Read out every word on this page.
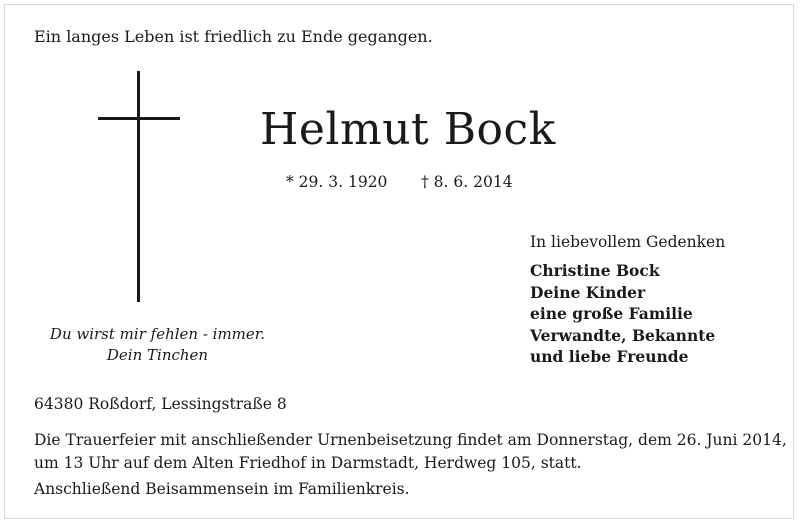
Ein langes Leben ist friedlich zu Ende gegangen.
Helmut Bock
* 29. 3. 1920 † 8. 6. 2014
Du wirst mir fehlen - immer.
Dein Tinchen
In liebevollem Gedenken
Christine Bock
Deine Kinder
eine große Familie
Verwandte, Bekannte
und liebe Freunde
64380 Roßdorf, Lessingstraße 8
Die Trauerfeier mit anschließender Urnenbeisetzung findet am Donnerstag, dem 26. Juni 2014,
um 13 Uhr auf dem Alten Friedhof in Darmstadt, Herdweg 105, statt.
Anschließend Beisammensein im Familienkreis.
